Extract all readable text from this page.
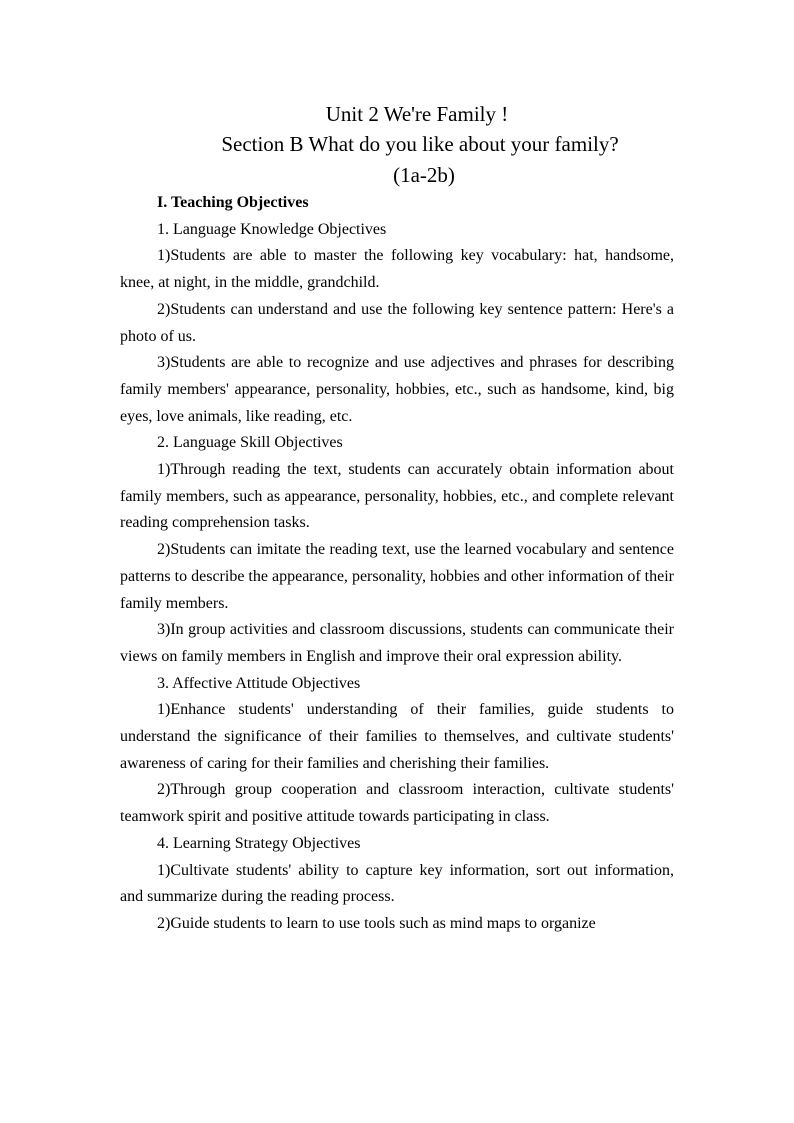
Unit 2 We're Family !
Section B What do you like about your family?
(1a-2b)

I. Teaching Objectives

1. Language Knowledge Objectives

1)Students are able to master the following key vocabulary: hat, handsome, knee, at night, in the middle, grandchild.

2)Students can understand and use the following key sentence pattern: Here's a photo of us.

3)Students are able to recognize and use adjectives and phrases for describing family members' appearance, personality, hobbies, etc., such as handsome, kind, big eyes, love animals, like reading, etc.

2. Language Skill Objectives

1)Through reading the text, students can accurately obtain information about family members, such as appearance, personality, hobbies, etc., and complete relevant reading comprehension tasks.

2)Students can imitate the reading text, use the learned vocabulary and sentence patterns to describe the appearance, personality, hobbies and other information of their family members.

3)In group activities and classroom discussions, students can communicate their views on family members in English and improve their oral expression ability.

3. Affective Attitude Objectives

1)Enhance students' understanding of their families, guide students to understand the significance of their families to themselves, and cultivate students' awareness of caring for their families and cherishing their families.

2)Through group cooperation and classroom interaction, cultivate students' teamwork spirit and positive attitude towards participating in class.

4. Learning Strategy Objectives

1)Cultivate students' ability to capture key information, sort out information, and summarize during the reading process.

2)Guide students to learn to use tools such as mind maps to organize
